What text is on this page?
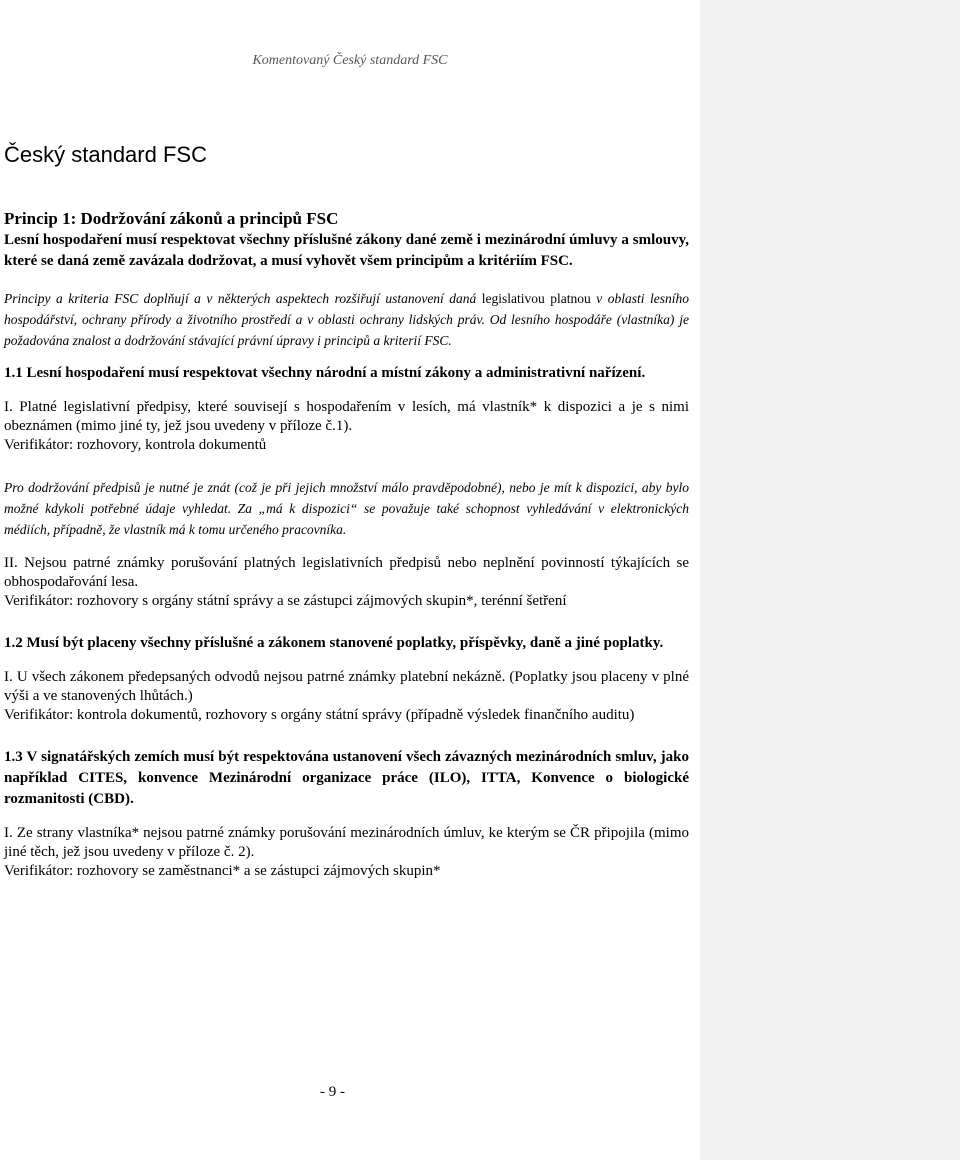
Komentovaný Český standard FSC
Český standard FSC

Princip 1: Dodržování zákonů a principů FSC

Lesní hospodaření musí respektovat všechny příslušné zákony dané země i mezinárodní úmluvy a smlouvy, které se daná země zavázala dodržovat, a musí vyhovět všem principům a kritériím FSC.

Principy a kriteria FSC doplňují a v některých aspektech rozšiřují ustanovení daná legislativou platnou v oblasti lesního hospodářství, ochrany přírody a životního prostředí a v oblasti ochrany lidských práv. Od lesního hospodáře (vlastníka) je požadována znalost a dodržování stávající právní úpravy i principů a kriterií FSC.

1.1 Lesní hospodaření musí respektovat všechny národní a místní zákony a administrativní nařízení.

I. Platné legislativní předpisy, které souvisejí s hospodařením v lesích, má vlastník* k dispozici a je s nimi obeznámen (mimo jiné ty, jež jsou uvedeny v příloze č.1).

Verifikátor: rozhovory, kontrola dokumentů

Pro dodržování předpisů je nutné je znát (což je při jejich množství málo pravděpodobné), nebo je mít k dispozici, aby bylo možné kdykoli potřebné údaje vyhledat. Za „má k dispozici“ se považuje také schopnost vyhledávání v elektronických médiích, případně, že vlastník má k tomu určeného pracovníka.

II. Nejsou patrné známky porušování platných legislativních předpisů nebo neplnění povinností týkajících se obhospodařování lesa.

Verifikátor: rozhovory s orgány státní správy a se zástupci zájmových skupin*, terénní šetření

1.2 Musí být placeny všechny příslušné a zákonem stanovené poplatky, příspěvky, daně a jiné poplatky.

I. U všech zákonem předepsaných odvodů nejsou patrné známky platební nekázně. (Poplatky jsou placeny v plné výši a ve stanovených lhůtách.)

Verifikátor: kontrola dokumentů, rozhovory s orgány státní správy (případně výsledek finančního auditu)

1.3 V signatářských zemích musí být respektována ustanovení všech závazných mezinárodních smluv, jako například CITES, konvence Mezinárodní organizace práce (ILO), ITTA, Konvence o biologické rozmanitosti (CBD).

I. Ze strany vlastníka* nejsou patrné známky porušování mezinárodních úmluv, ke kterým se ČR připojila (mimo jiné těch, jež jsou uvedeny v příloze č. 2).

Verifikátor: rozhovory se zaměstnanci* a se zástupci zájmových skupin*

- 9 -
